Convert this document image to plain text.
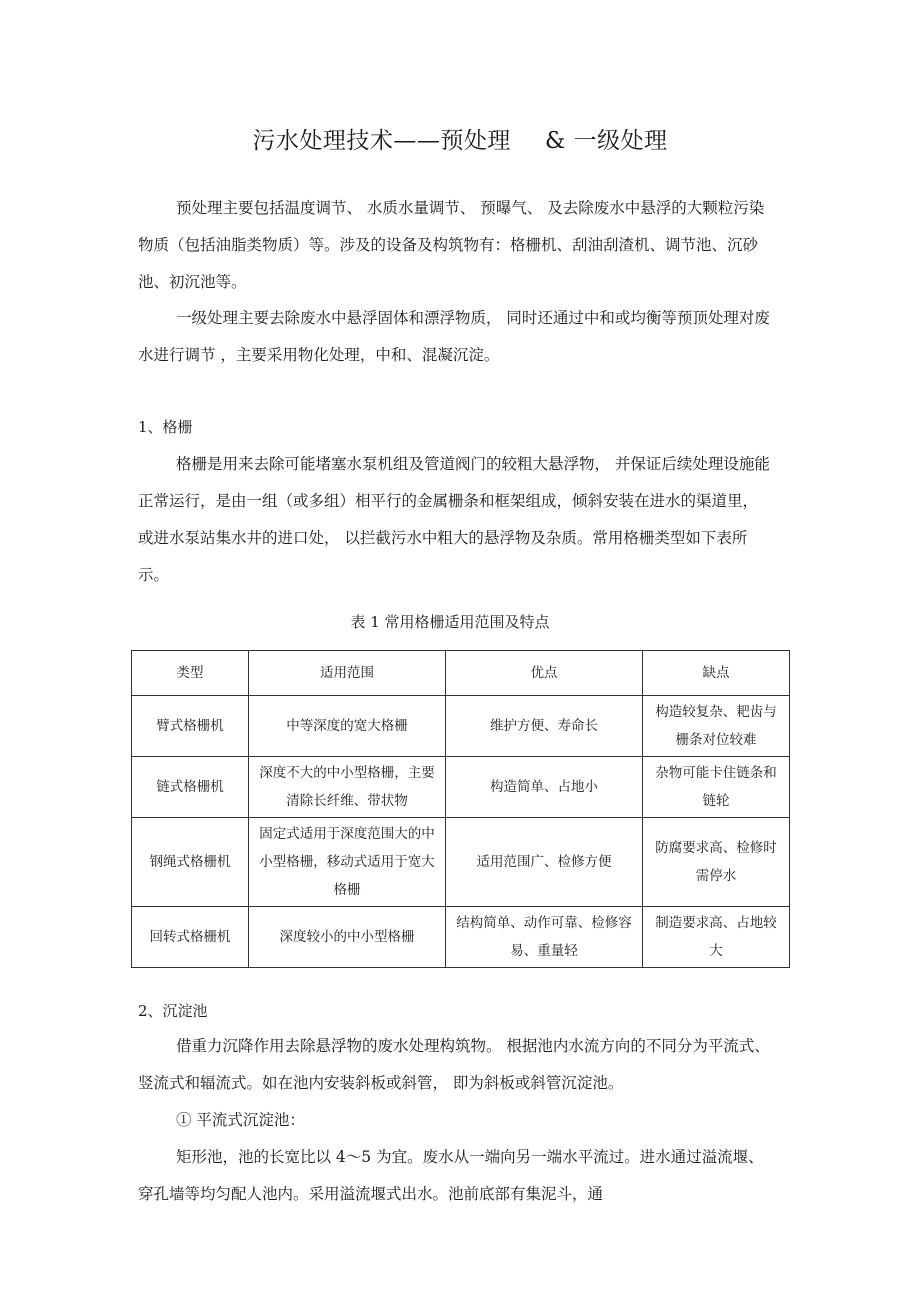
污水处理技术——预处理 & 一级处理

预处理主要包括温度调节、 水质水量调节、 预曝气、 及去除废水中悬浮的大颗粒污染物质（包括油脂类物质）等。涉及的设备及构筑物有：格栅机、刮油刮渣机、调节池、沉砂池、初沉池等。

一级处理主要去除废水中悬浮固体和漂浮物质， 同时还通过中和或均衡等预顶处理对废水进行调节 ，主要采用物化处理，中和、混凝沉淀。

1、格栅

格栅是用来去除可能堵塞水泵机组及管道阀门的较粗大悬浮物， 并保证后续处理设施能正常运行，是由一组（或多组）相平行的金属栅条和框架组成，倾斜安装在进水的渠道里， 或进水泵站集水井的进口处， 以拦截污水中粗大的悬浮物及杂质。常用格栅类型如下表所示。

表 1 常用格栅适用范围及特点
类型	适用范围	优点	缺点
臂式格栅机	中等深度的宽大格栅	维护方便、寿命长	构造较复杂、耙齿与栅条对位较难
链式格栅机	深度不大的中小型格栅，主要清除长纤维、带状物	构造简单、占地小	杂物可能卡住链条和链轮
钢绳式格栅机	固定式适用于深度范围大的中小型格栅，移动式适用于宽大格栅	适用范围广、检修方便	防腐要求高、检修时需停水
回转式格栅机	深度较小的中小型格栅	结构简单、动作可靠、检修容易、重量轻	制造要求高、占地较大

2、沉淀池

借重力沉降作用去除悬浮物的废水处理构筑物。 根据池内水流方向的不同分为平流式、竖流式和辐流式。如在池内安装斜板或斜管， 即为斜板或斜管沉淀池。

① 平流式沉淀池：

矩形池，池的长宽比以 4～5 为宜。废水从一端向另一端水平流过。进水通过溢流堰、穿孔墙等均匀配人池内。采用溢流堰式出水。池前底部有集泥斗，通
